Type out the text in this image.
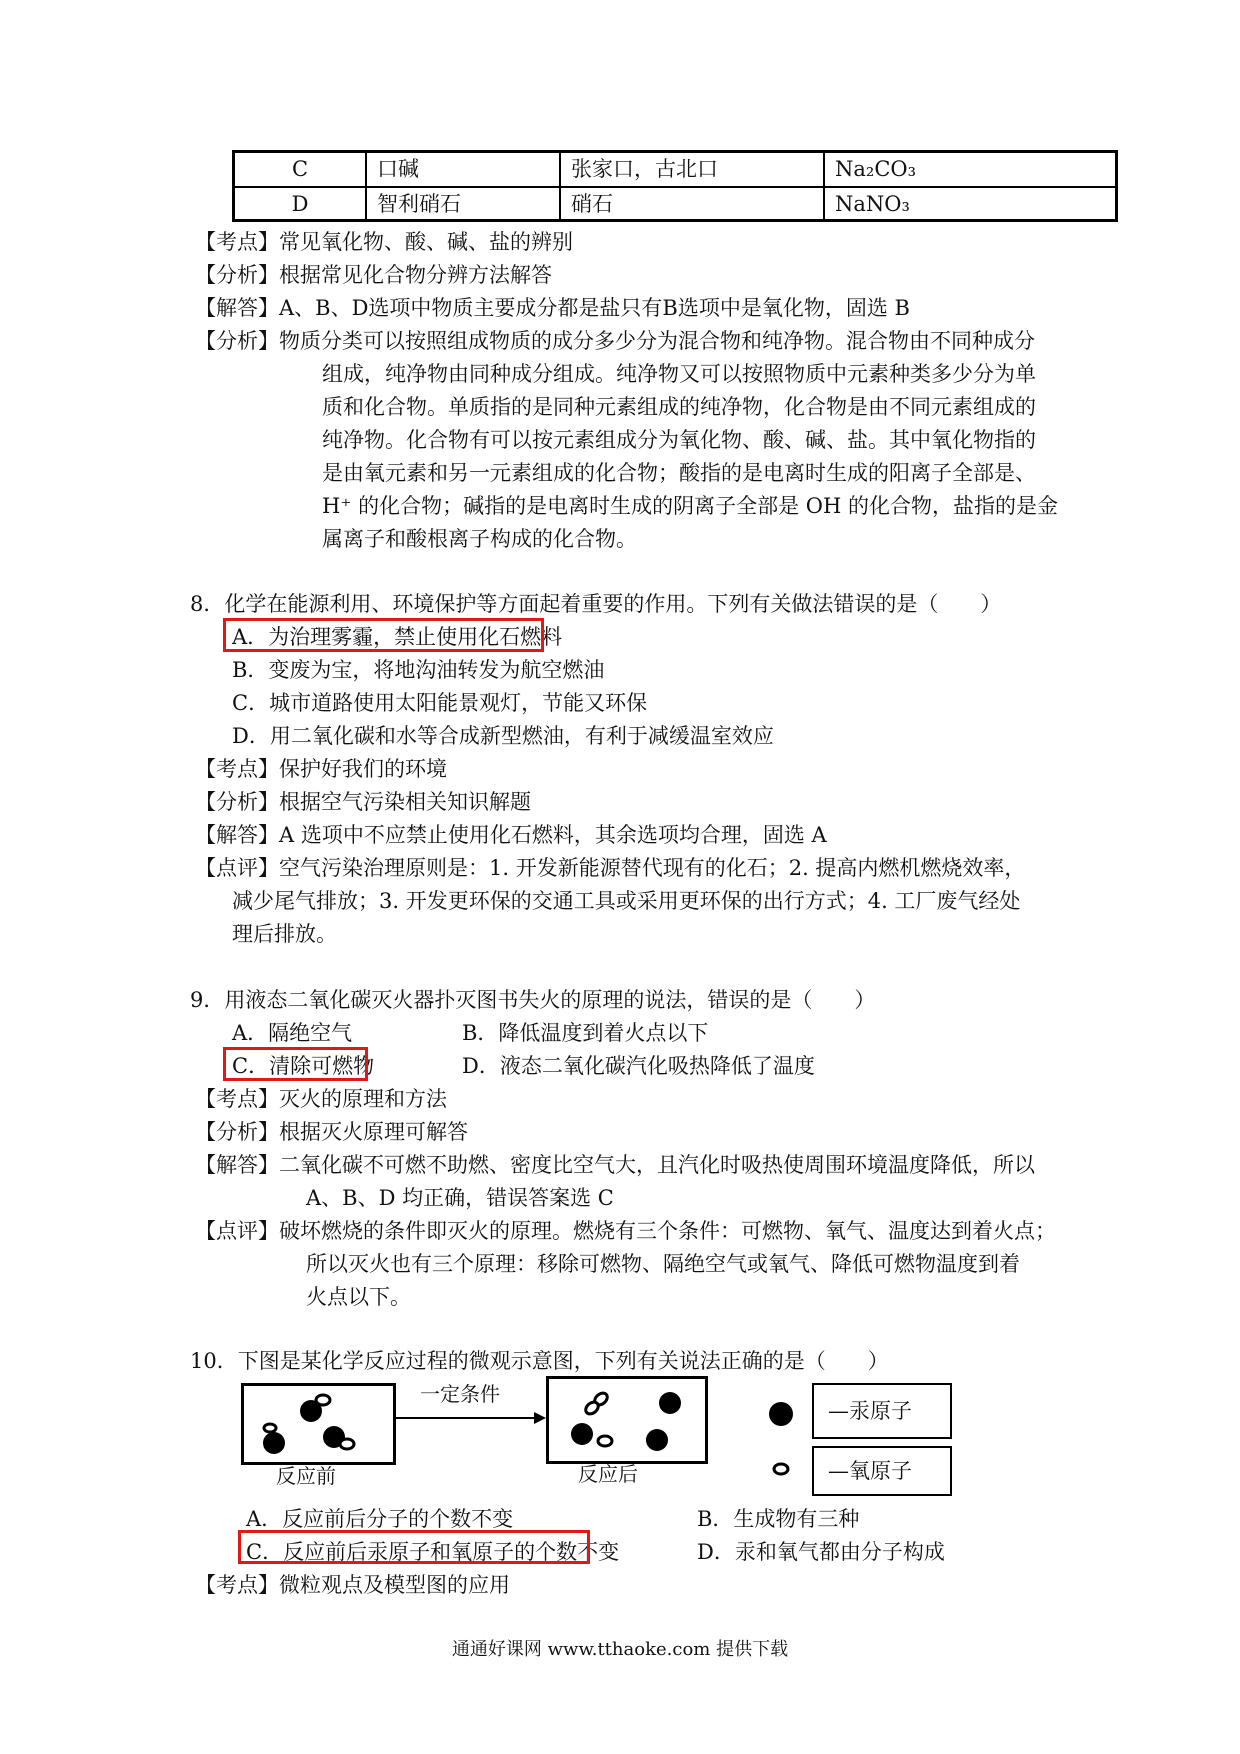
C	口碱	张家口，古北口	Na₂CO₃
D	智利硝石	硝石	NaNO₃
【考点】常见氧化物、酸、碱、盐的辨别
【分析】根据常见化合物分辨方法解答
【解答】A、B、D选项中物质主要成分都是盐只有B选项中是氧化物，固选 B
【分析】物质分类可以按照组成物质的成分多少分为混合物和纯净物。混合物由不同种成分
组成，纯净物由同种成分组成。纯净物又可以按照物质中元素种类多少分为单
质和化合物。单质指的是同种元素组成的纯净物，化合物是由不同元素组成的
纯净物。化合物有可以按元素组成分为氧化物、酸、碱、盐。其中氧化物指的
是由氧元素和另一元素组成的化合物；酸指的是电离时生成的阳离子全部是、
H⁺ 的化合物；碱指的是电离时生成的阴离子全部是 OH 的化合物，盐指的是金
属离子和酸根离子构成的化合物。
8．化学在能源利用、环境保护等方面起着重要的作用。下列有关做法错误的是（　　）
A．为治理雾霾，禁止使用化石燃料
B．变废为宝，将地沟油转发为航空燃油
C．城市道路使用太阳能景观灯，节能又环保
D．用二氧化碳和水等合成新型燃油，有利于减缓温室效应
【考点】保护好我们的环境
【分析】根据空气污染相关知识解题
【解答】A 选项中不应禁止使用化石燃料，其余选项均合理，固选 A
【点评】空气污染治理原则是：1. 开发新能源替代现有的化石；2. 提高内燃机燃烧效率，
减少尾气排放；3. 开发更环保的交通工具或采用更环保的出行方式；4. 工厂废气经处
理后排放。
9．用液态二氧化碳灭火器扑灭图书失火的原理的说法，错误的是（　　）
A．隔绝空气	B．降低温度到着火点以下
C．清除可燃物	D．液态二氧化碳汽化吸热降低了温度
【考点】灭火的原理和方法
【分析】根据灭火原理可解答
【解答】二氧化碳不可燃不助燃、密度比空气大，且汽化时吸热使周围环境温度降低，所以
A、B、D 均正确，错误答案选 C
【点评】破坏燃烧的条件即灭火的原理。燃烧有三个条件：可燃物、氧气、温度达到着火点；
所以灭火也有三个原理：移除可燃物、隔绝空气或氧气、降低可燃物温度到着
火点以下。
10．下图是某化学反应过程的微观示意图，下列有关说法正确的是（　　）
一定条件
反应前	反应后
—汞原子
—氧原子
A．反应前后分子的个数不变	B．生成物有三种
C．反应前后汞原子和氧原子的个数不变	D．汞和氧气都由分子构成
【考点】微粒观点及模型图的应用
通通好课网 www.tthaoke.com 提供下载
